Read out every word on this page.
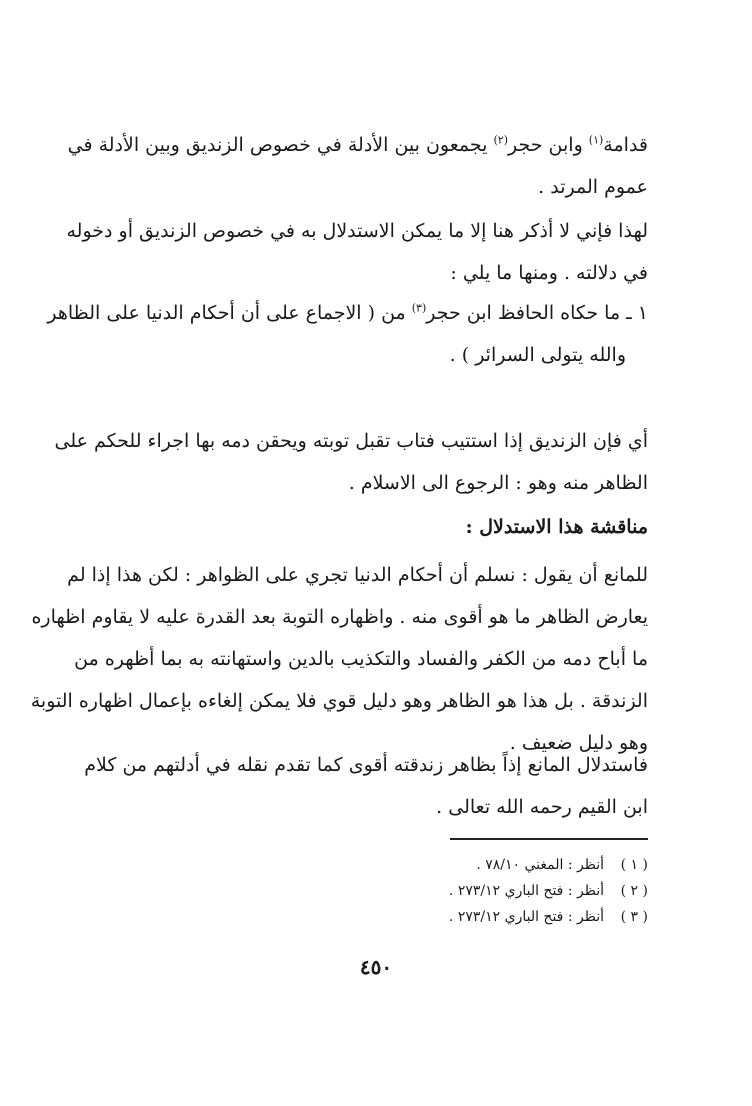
قدامة$^{(١)}$ وابن حجر$^{(٢)}$ يجمعون بين الأدلة في خصوص الزنديق وبين الأدلة في
عموم المرتد .
لهذا فإني لا أذكر هنا إلا ما يمكن الاستدلال به في خصوص الزنديق أو دخوله
في دلالته . ومنها ما يلي :
١ ـ ما حكاه الحافظ ابن حجر$^{(٣)}$ من ( الاجماع على أن أحكام الدنيا على الظاهر
والله يتولى السرائر ) .
أي فإن الزنديق إذا استتيب فتاب تقبل توبته ويحقن دمه بها اجراء للحكم على
الظاهر منه وهو : الرجوع الى الاسلام .
مناقشة هذا الاستدلال :
للمانع أن يقول : نسلم أن أحكام الدنيا تجري على الظواهر : لكن هذا إذا لم
يعارض الظاهر ما هو أقوى منه . واظهاره التوبة بعد القدرة عليه لا يقاوم اظهاره
ما أباح دمه من الكفر والفساد والتكذيب بالدين واستهانته به بما أظهره من
الزندقة . بل هذا هو الظاهر وهو دليل قوي فلا يمكن إلغاءه بإعمال اظهاره التوبة
وهو دليل ضعيف .
فاستدلال المانع إذاً بظاهر زندقته أقوى كما تقدم نقله في أدلتهم من كلام
ابن القيم رحمه الله تعالى .
( ١ )أنظر : المغني ٧٨/١٠ .
( ٢ )أنظر : فتح الباري ٢٧٣/١٢ .
( ٣ )أنظر : فتح الباري ٢٧٣/١٢ .
٤٥٠
